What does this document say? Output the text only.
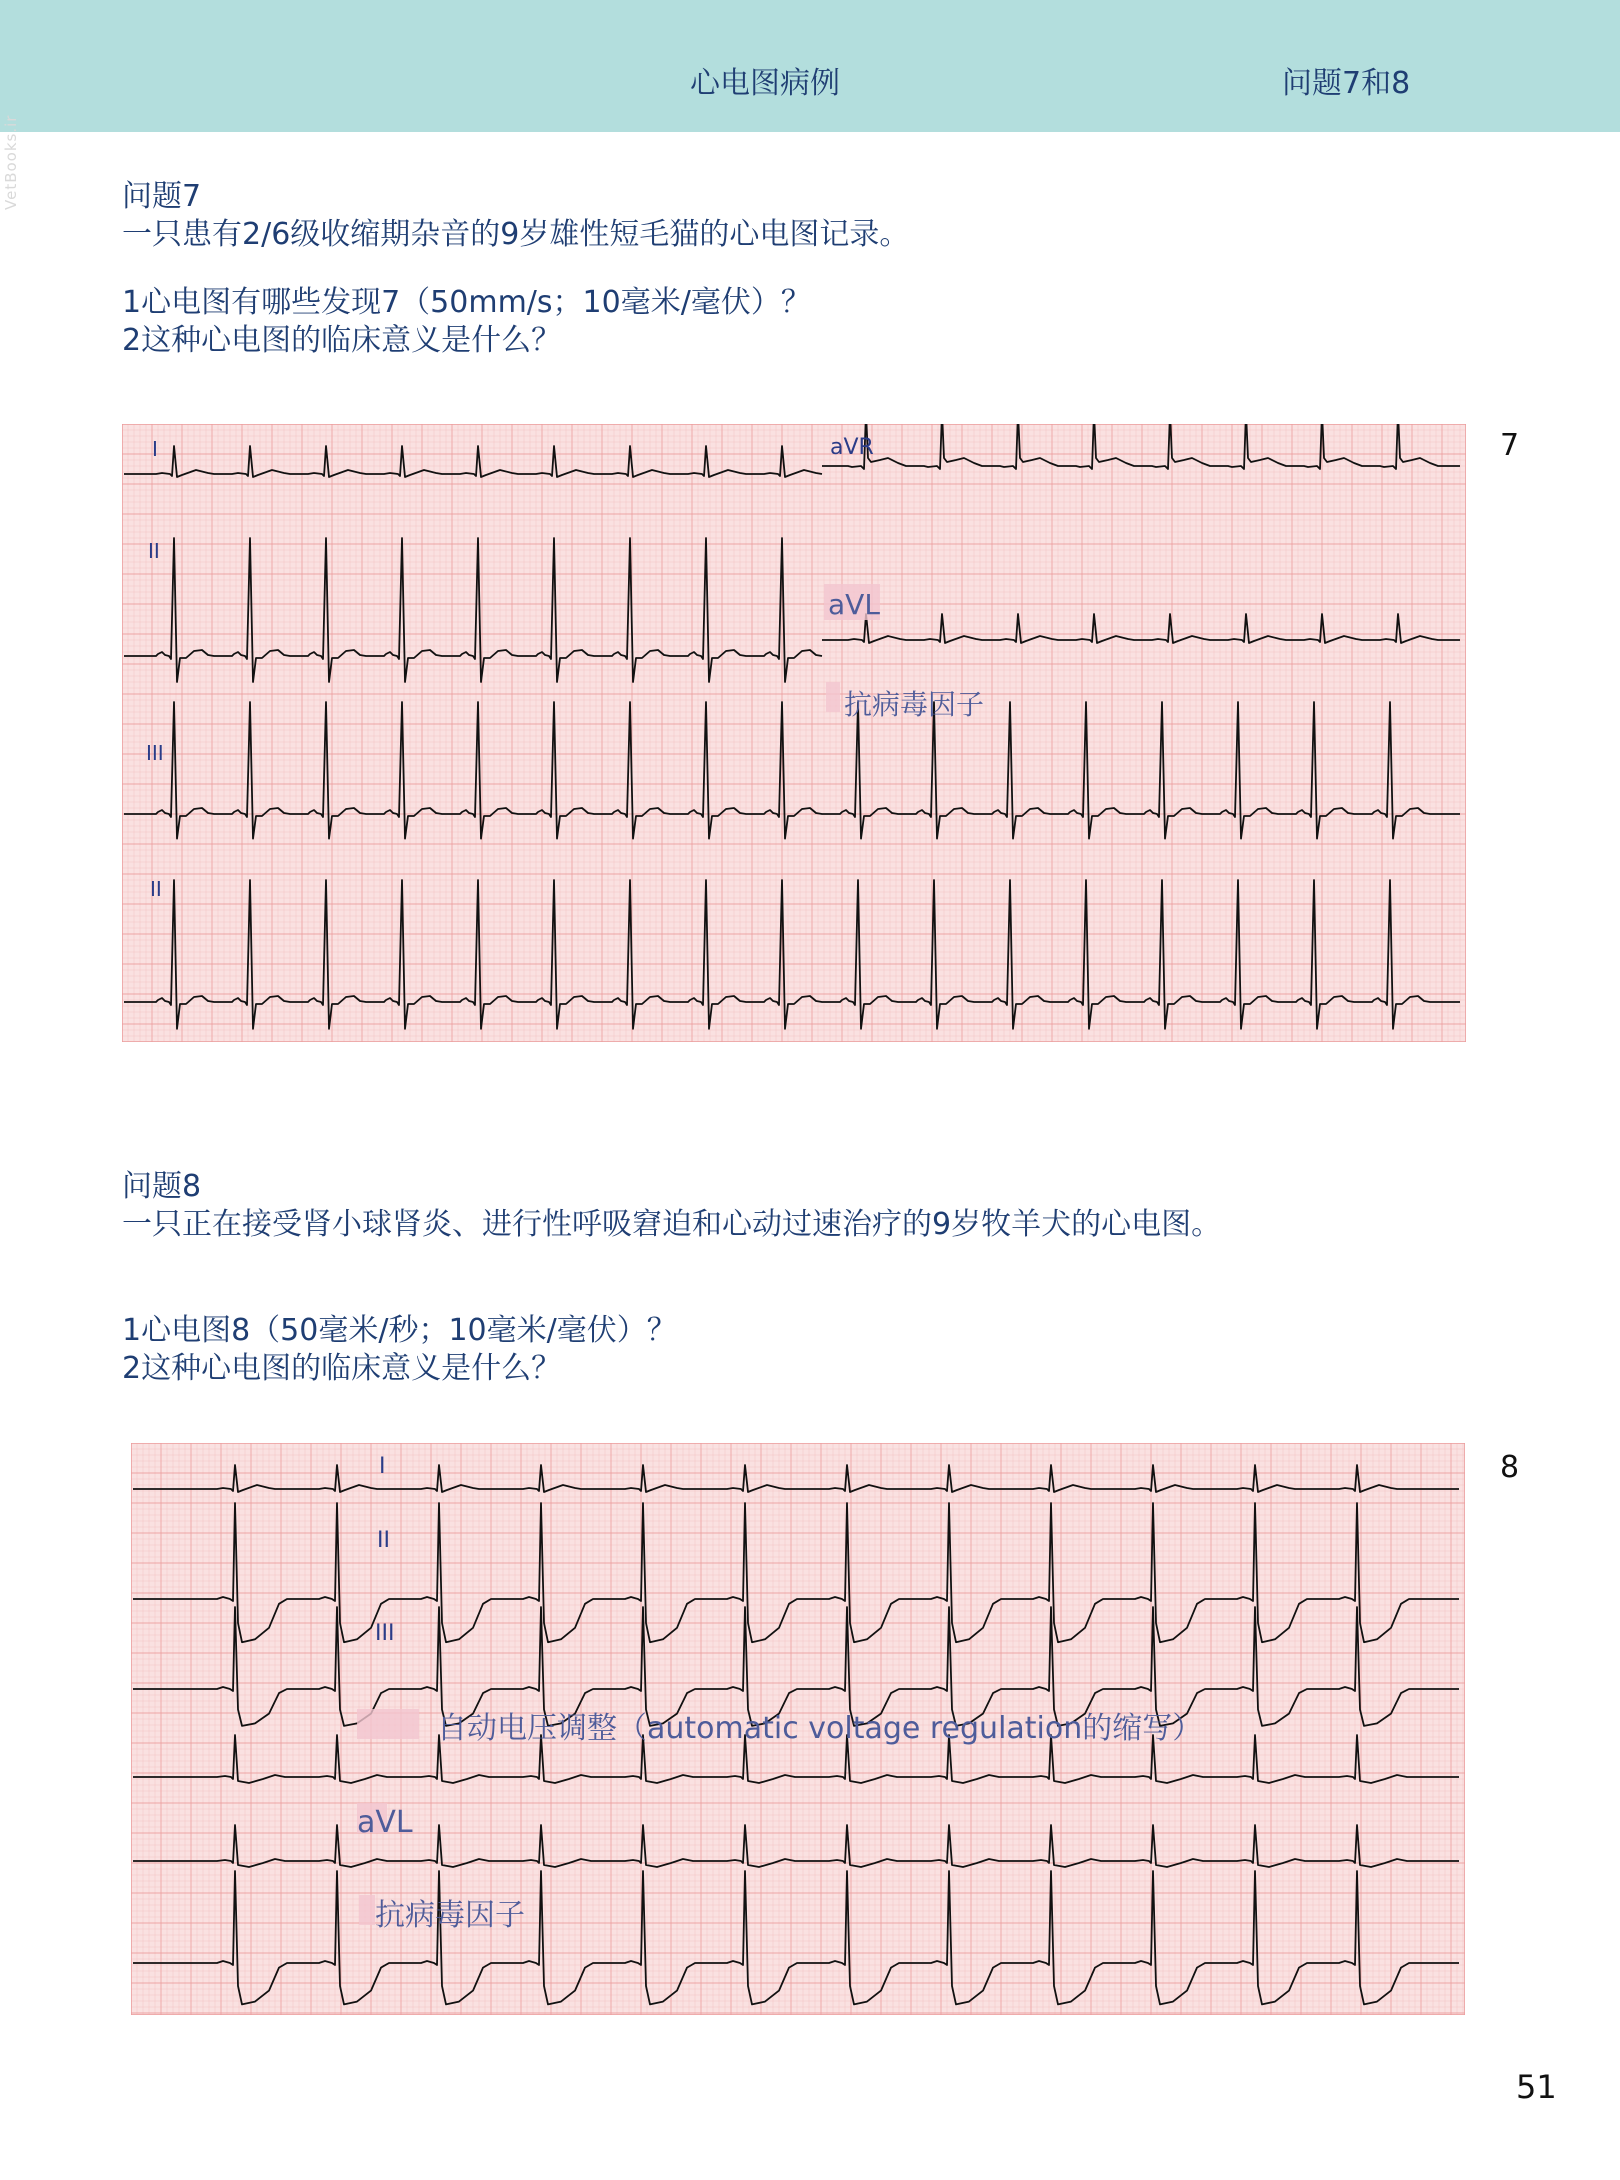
心电图病例	问题7和8
VetBooks.ir	问题7
一只患有2/6级收缩期杂音的9岁雄性短毛猫的心电图记录。
1心电图有哪些发现7（50mm/s；10毫米/毫伏）？
2这种心电图的临床意义是什么？
I	aVR
II
III
II
aVL
抗病毒因子
7
问题8
一只正在接受肾小球肾炎、进行性呼吸窘迫和心动过速治疗的9岁牧羊犬的心电图。
1心电图8（50毫米/秒；10毫米/毫伏）？
2这种心电图的临床意义是什么？
I
II
III
自动电压调整（automatic voltage regulation的缩写）
aVL
抗病毒因子
8
51
